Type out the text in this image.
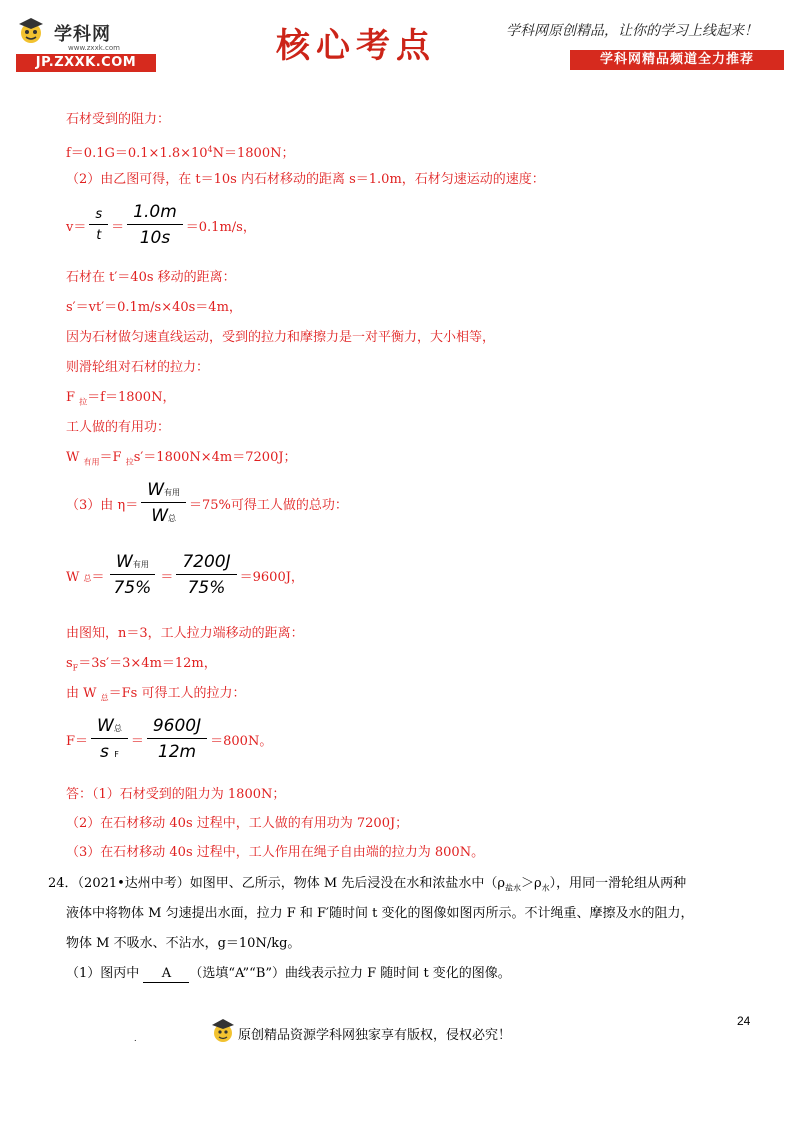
学科网
www.zxxk.com
JP.ZXXK.COM	核心考点	学科网原创精品，让你的学习上线起来！
学科网精品频道全力推荐
石材受到的阻力：
$f=0.1G=0.1\times 1.8\times 10^4N=1800N$；
（2）由乙图可得，在 t＝10s 内石材移动的距离 s＝1.0m，石材匀速运动的速度：
$v= \frac{s}{t} = \frac{1.0m}{10s} =0.1m/s$，
石材在 t′＝40s 移动的距离：
s′＝vt′＝0.1m/s×40s＝4m，
因为石材做匀速直线运动，受到的拉力和摩擦力是一对平衡力，大小相等，
则滑轮组对石材的拉力：
F $_拉$＝f＝1800N，
工人做的有用功：
W $_{有用}$＝F $_拉$s′＝1800N×4m＝7200J；
（3）由 $\eta= \frac{\text{W有用}}{\text{W总}} =75\%$可得工人做的总功：
W 总＝ $\frac{\text{W有用}}{75\%} = \frac{7200J}{75\%} =9600J$，
由图知，n＝3，工人拉力端移动的距离：
$s_F=3s'=3\times 4m=12m$，
由 W $_总$＝Fs 可得工人的拉力：
$F= \frac{\text{W总}}{\text{s F}} = \frac{9600J}{12m} =800N$。
答：（1）石材受到的阻力为 1800N；
（2）在石材移动 40s 过程中，工人做的有用功为 7200J；
（3）在石材移动 40s 过程中，工人作用在绳子自由端的拉力为 800N。
24．（2021•达州中考）如图甲、乙所示，物体 M 先后浸没在水和浓盐水中$(\rho_{盐水}>\rho_水)$，用同一滑轮组从两种
液体中将物体 M 匀速提出水面，拉力 F 和 F′随时间 t 变化的图像如图丙所示。不计绳重、摩擦及水的阻力，
物体 M 不吸水、不沾水，g＝10N/kg。
（1）图丙中 A （选填“A”“B”）曲线表示拉力 F 随时间 t 变化的图像。
原创精品资源学科网独家享有版权，侵权必究！
24
.
